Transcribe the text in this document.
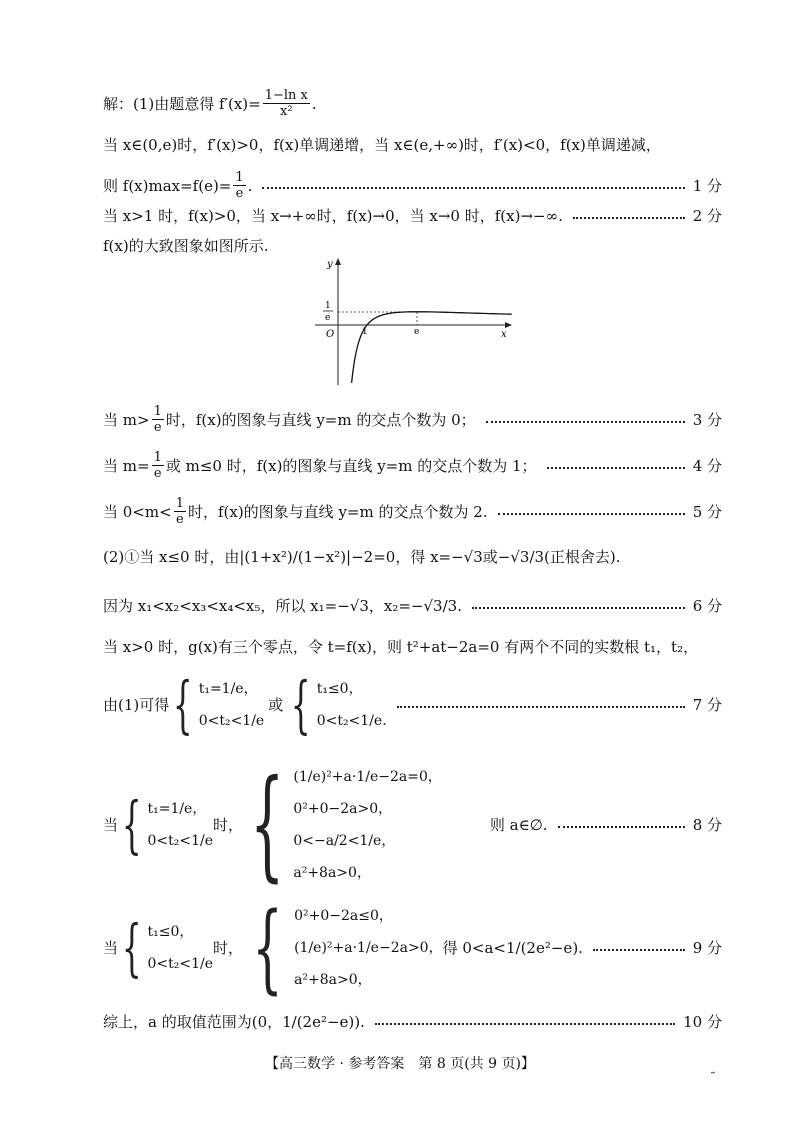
解：(1)由题意得 $f'(x)= \frac{\text{1−ln x}}{\text{x²}}$ .
当 x∈(0,e)时，f′(x)>0，f(x)单调递增，当 x∈(e,+∞)时，f′(x)<0，f(x)单调递减，
则 $f(x)\max=f(e)= \frac{1}{e}$ .	1 分
当 x>1 时，f(x)>0，当 x→+∞时，f(x)→0，当 x→0 时，f(x)→−∞.	2 分
f(x)的大致图象如图所示.
y
x
O	1	e
1
e
当 $m> \frac{1}{e}$ 时，f(x)的图象与直线 y=m 的交点个数为 0；	3 分
当 $m= \frac{1}{e}$ 或 m≤0 时，f(x)的图象与直线 y=m 的交点个数为 1；	4 分
当 $0<m< \frac{1}{e}$ 时，f(x)的图象与直线 y=m 的交点个数为 2.	5 分
(2)①当 x≤0 时，由|(1+x²)/(1−x²)|−2=0，得 x=−√3或−√3/3(正根舍去).
因为 x₁<x₂<x₃<x₄<x₅，所以 x₁=−√3，x₂=−√3/3.	6 分
当 x>0 时，g(x)有三个零点，令 t=f(x)，则 t²+at−2a=0 有两个不同的实数根 t₁，t₂，
由(1)可得 { t₁=1/e，
0<t₂<1/e
或 { t₁≤0，
0<t₂<1/e.
7 分
当 { t₁=1/e，
0<t₂<1/e
时， { (1/e)²+a·1/e−2a=0，
0²+0−2a>0，
0<−a/2<1/e，
a²+8a>0，
则 a∈∅.	8 分
当 { t₁≤0，
0<t₂<1/e
时， { 0²+0−2a≤0，
(1/e)²+a·1/e−2a>0，
a²+8a>0，
得 0<a<1/(2e²−e).	9 分
综上，a 的取值范围为(0，1/(2e²−e)).	10 分
【高三数学 · 参考答案　第 8 页(共 9 页)】	˷
